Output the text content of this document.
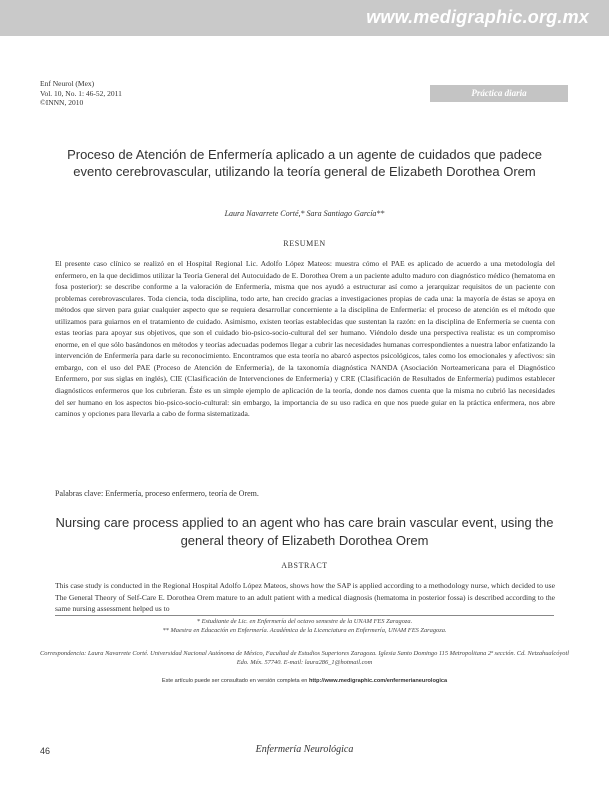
www.medigraphic.org.mx
Enf Neurol (Mex)
Vol. 10, No. 1: 46-52, 2011
©INNN, 2010
Práctica diaria
Proceso de Atención de Enfermería aplicado a un agente de cuidados que padece evento cerebrovascular, utilizando la teoría general de Elizabeth Dorothea Orem
Laura Navarrete Corté,* Sara Santiago García**
RESUMEN
El presente caso clínico se realizó en el Hospital Regional Lic. Adolfo López Mateos: muestra cómo el PAE es aplicado de acuerdo a una metodología del enfermero, en la que decidimos utilizar la Teoría General del Autocuidado de E. Dorothea Orem a un paciente adulto maduro con diagnóstico médico (hematoma en fosa posterior): se describe conforme a la valoración de Enfermería, misma que nos ayudó a estructurar así como a jerarquizar requisitos de un paciente con problemas cerebrovasculares. Toda ciencia, toda disciplina, todo arte, han crecido gracias a investigaciones propias de cada una: la mayoría de éstas se apoya en métodos que sirven para guiar cualquier aspecto que se requiera desarrollar concerniente a la disciplina de Enfermería: el proceso de atención es el método que utilizamos para guiarnos en el tratamiento de cuidado. Asimismo, existen teorías establecidas que sustentan la razón: en la disciplina de Enfermería se cuenta con estas teorías para apoyar sus objetivos, que son el cuidado bio-psico-socio-cultural del ser humano. Viéndolo desde una perspectiva realista: es un compromiso enorme, en el que sólo basándonos en métodos y teorías adecuadas podemos llegar a cubrir las necesidades humanas correspondientes a nuestra labor enfatizando la intervención de Enfermería para darle su reconocimiento. Encontramos que esta teoría no abarcó aspectos psicológicos, tales como los emocionales y afectivos: sin embargo, con el uso del PAE (Proceso de Atención de Enfermería), de la taxonomía diagnóstica NANDA (Asociación Norteamericana para el Diagnóstico Enfermero, por sus siglas en inglés), CIE (Clasificación de Intervenciones de Enfermería) y CRE (Clasificación de Resultados de Enfermería) pudimos establecer diagnósticos enfermeros que los cubrieran. Éste es un simple ejemplo de aplicación de la teoría, donde nos damos cuenta que la misma no cubrió las necesidades del ser humano en los aspectos bio-psico-socio-cultural: sin embargo, la importancia de su uso radica en que nos puede guiar en la práctica enfermera, nos abre caminos y opciones para llevarla a cabo de forma sistematizada.
Palabras clave: Enfermería, proceso enfermero, teoría de Orem.
Nursing care process applied to an agent who has care brain vascular event, using the general theory of Elizabeth Dorothea Orem
ABSTRACT
This case study is conducted in the Regional Hospital Adolfo López Mateos, shows how the SAP is applied according to a methodology nurse, which decided to use The General Theory of Self-Care E. Dorothea Orem mature to an adult patient with a medical diagnosis (hematoma in posterior fossa) is described according to the same nursing assessment helped us to
* Estudiante de Lic. en Enfermería del octavo semestre de la UNAM FES Zaragoza.
** Maestra en Educación en Enfermería. Académica de la Licenciatura en Enfermería, UNAM FES Zaragoza.
Correspondencia: Laura Navarrete Corté. Universidad Nacional Autónoma de México, Facultad de Estudios Superiores Zaragoza. Iglesia Santo Domingo 115 Metropolitana 2ª sección. Cd. Netzahualcóyotl Edo. Méx. 57740. E-mail: laura286_1@hotmail.com
Este artículo puede ser consultado en versión completa en http://www.medigraphic.com/enfermerianeurologica
46	Enfermería Neurológica
